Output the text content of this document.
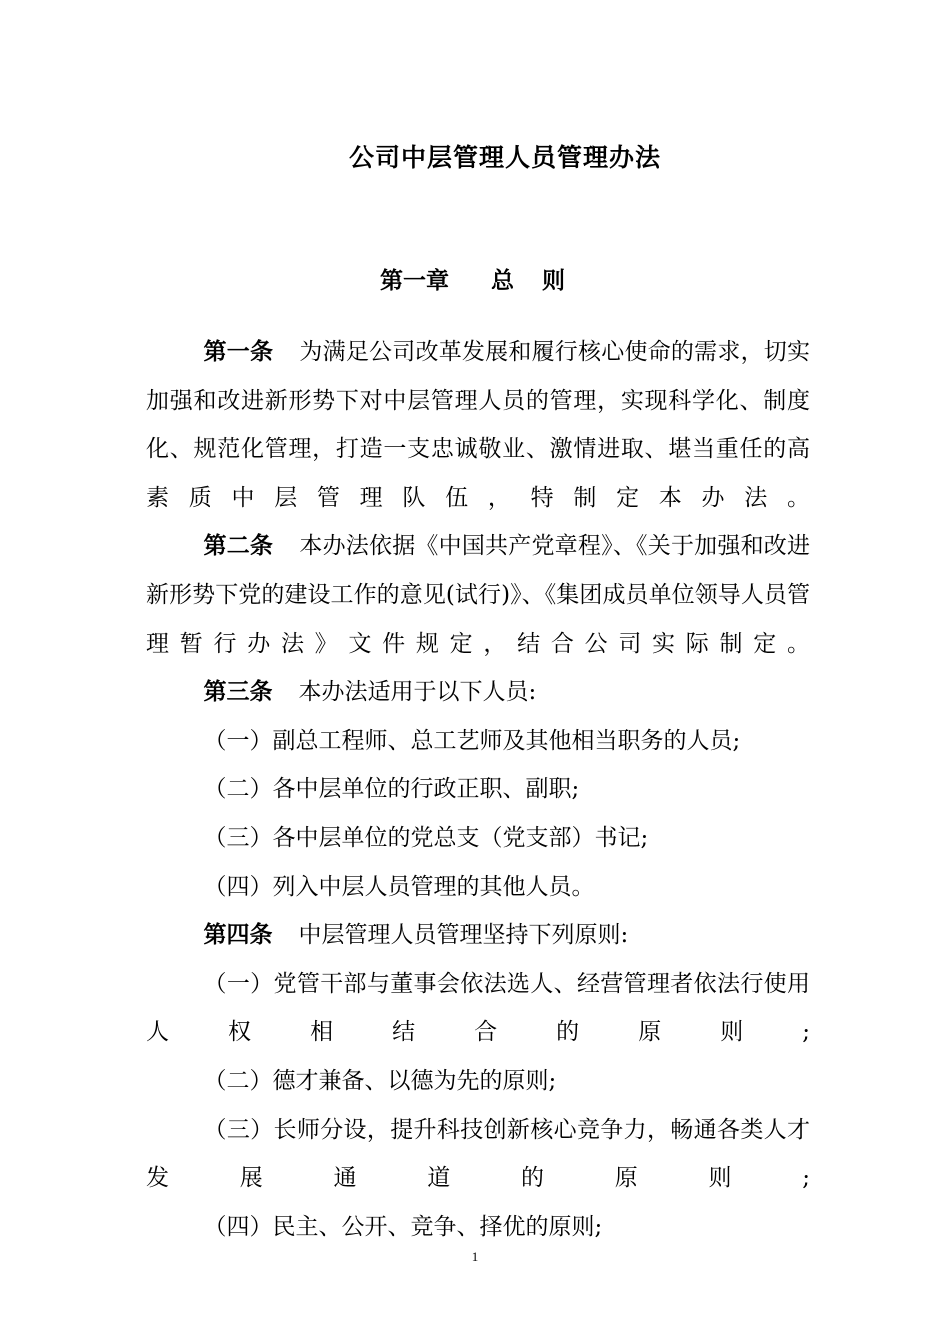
公司中层管理人员管理办法
第一章 总 则

第一条 为满足公司改革发展和履行核心使命的需求，切实加强和改进新形势下对中层管理人员的管理，实现科学化、制度化、规范化管理，打造一支忠诚敬业、激情进取、堪当重任的高素质中层管理队伍，特制定本办法。

第二条 本办法依据《中国共产党章程》、《关于加强和改进新形势下党的建设工作的意见(试行)》、《集团成员单位领导人员管理暂行办法》文件规定，结合公司实际制定。

第三条 本办法适用于以下人员:

（一）副总工程师、总工艺师及其他相当职务的人员;

（二）各中层单位的行政正职、副职;

（三）各中层单位的党总支（党支部）书记;

（四）列入中层人员管理的其他人员。

第四条 中层管理人员管理坚持下列原则:

（一）党管干部与董事会依法选人、经营管理者依法行使用人权相结合的原则;

（二）德才兼备、以德为先的原则;

（三）长师分设，提升科技创新核心竞争力，畅通各类人才发展通道的原则;

（四）民主、公开、竞争、择优的原则;

1
